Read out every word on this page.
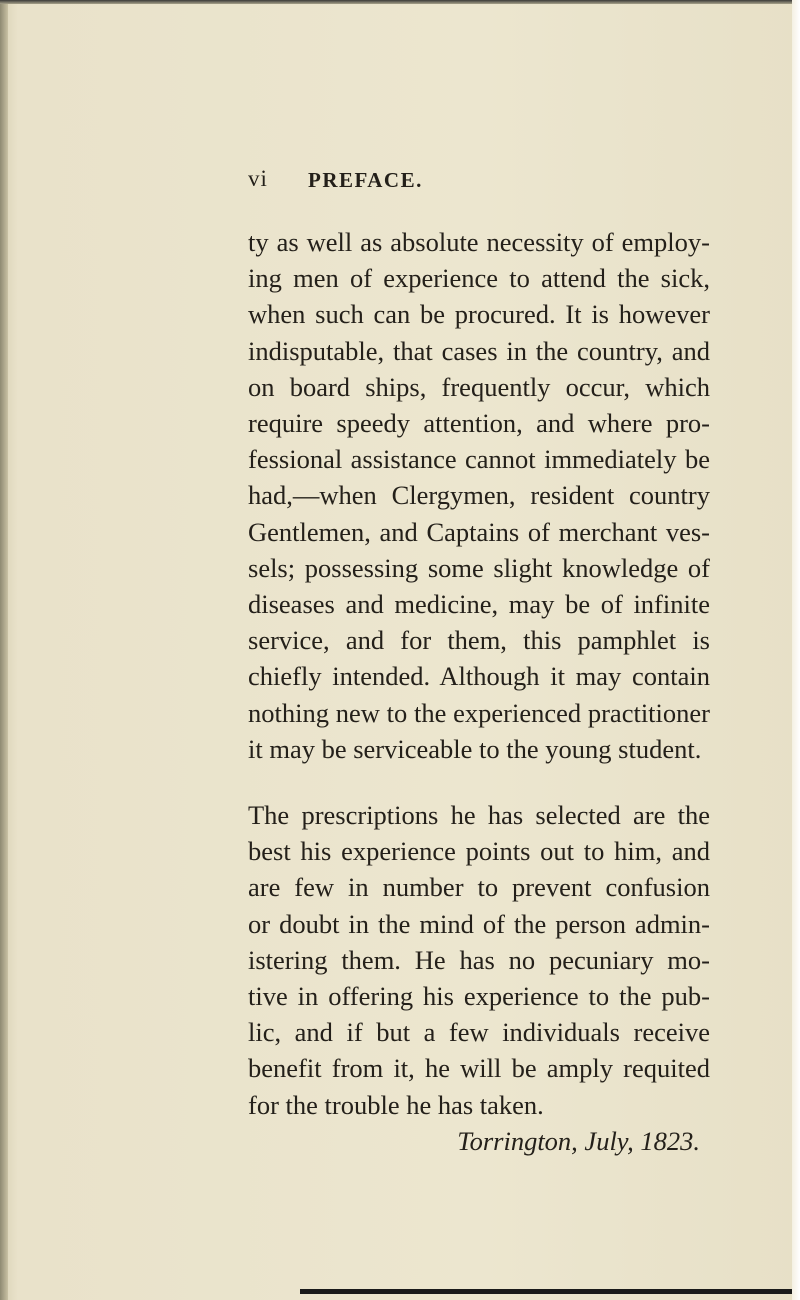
vi PREFACE.
ty as well as absolute necessity of employ-
ing men of experience to attend the sick,
when such can be procured. It is however
indisputable, that cases in the country, and
on board ships, frequently occur, which
require speedy attention, and where pro-
fessional assistance cannot immediately be
had,—when Clergymen, resident country
Gentlemen, and Captains of merchant ves-
sels; possessing some slight knowledge of
diseases and medicine, may be of infinite
service, and for them, this pamphlet is
chiefly intended. Although it may contain
nothing new to the experienced practitioner
it may be serviceable to the young student.
The prescriptions he has selected are the
best his experience points out to him, and
are few in number to prevent confusion
or doubt in the mind of the person admin-
istering them. He has no pecuniary mo-
tive in offering his experience to the pub-
lic, and if but a few individuals receive
benefit from it, he will be amply requited
for the trouble he has taken.
Torrington, July, 1823.
